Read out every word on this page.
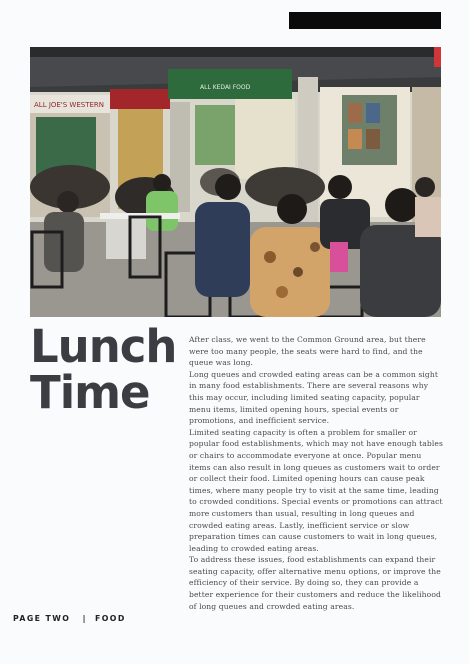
ALL JOE'S WESTERN
ALL KEDAI FOOD
Lunch
Time

After class, we went to the Common Ground area, but there were too many people, the seats were hard to find, and the queue was long.

Long queues and crowded eating areas can be a common sight in many food establishments. There are several reasons why this may occur, including limited seating capacity, popular menu items, limited opening hours, special events or promotions, and inefficient service.

Limited seating capacity is often a problem for smaller or popular food establishments, which may not have enough tables or chairs to accommodate everyone at once. Popular menu items can also result in long queues as customers wait to order or collect their food. Limited opening hours can cause peak times, where many people try to visit at the same time, leading to crowded conditions. Special events or promotions can attract more customers than usual, resulting in long queues and crowded eating areas. Lastly, inefficient service or slow preparation times can cause customers to wait in long queues, leading to crowded eating areas.

To address these issues, food establishments can expand their seating capacity, offer alternative menu options, or improve the efficiency of their service. By doing so, they can provide a better experience for their customers and reduce the likelihood of long queues and crowded eating areas.

PAGE TWO   |  FOOD
